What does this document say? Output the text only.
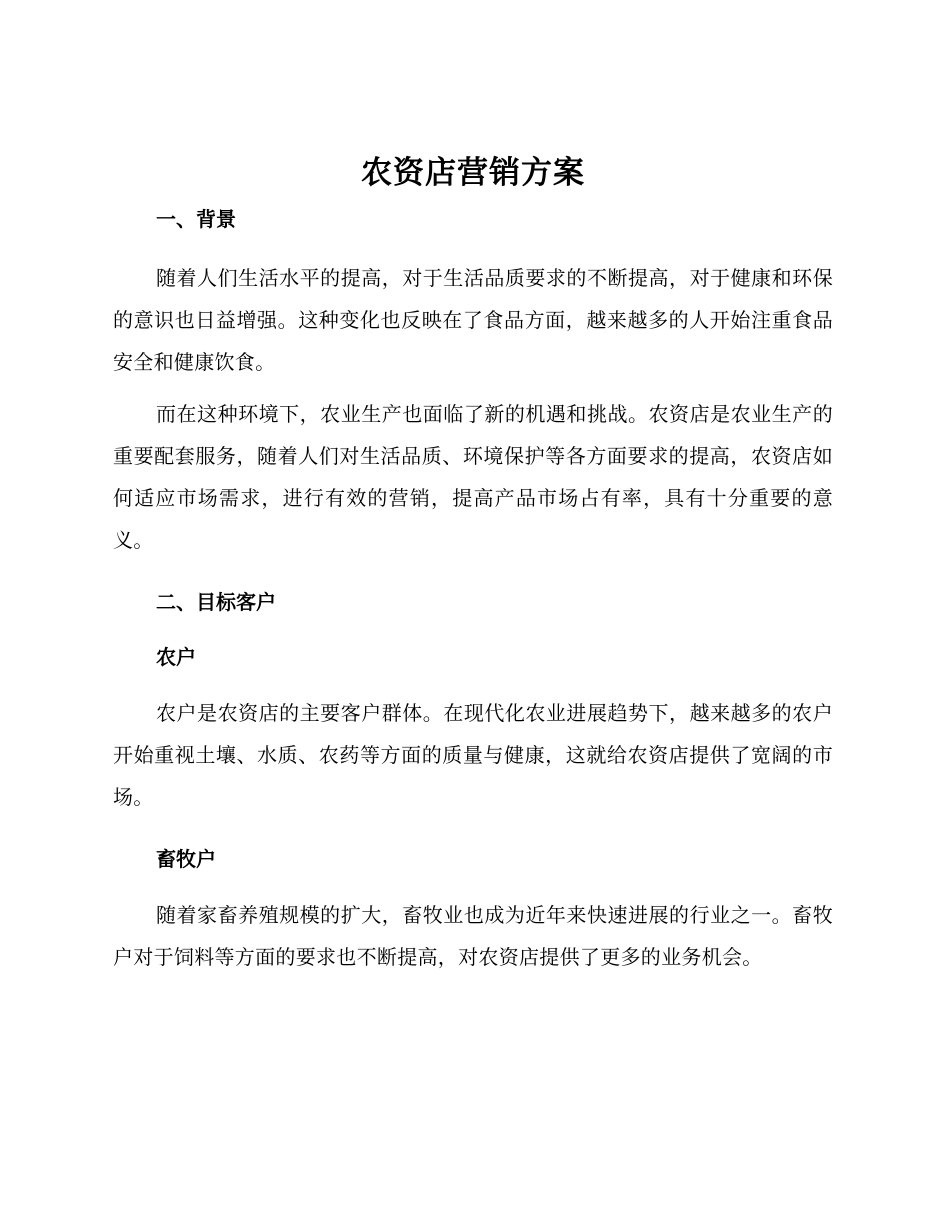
农资店营销方案
一、背景

随着人们生活水平的提高，对于生活品质要求的不断提高，对于健康和环保的意识也日益增强。这种变化也反映在了食品方面，越来越多的人开始注重食品安全和健康饮食。

而在这种环境下，农业生产也面临了新的机遇和挑战。农资店是农业生产的重要配套服务，随着人们对生活品质、环境保护等各方面要求的提高，农资店如何适应市场需求，进行有效的营销，提高产品市场占有率，具有十分重要的意义。

二、目标客户
农户

农户是农资店的主要客户群体。在现代化农业进展趋势下，越来越多的农户开始重视土壤、水质、农药等方面的质量与健康，这就给农资店提供了宽阔的市场。

畜牧户

随着家畜养殖规模的扩大，畜牧业也成为近年来快速进展的行业之一。畜牧户对于饲料等方面的要求也不断提高，对农资店提供了更多的业务机会。
